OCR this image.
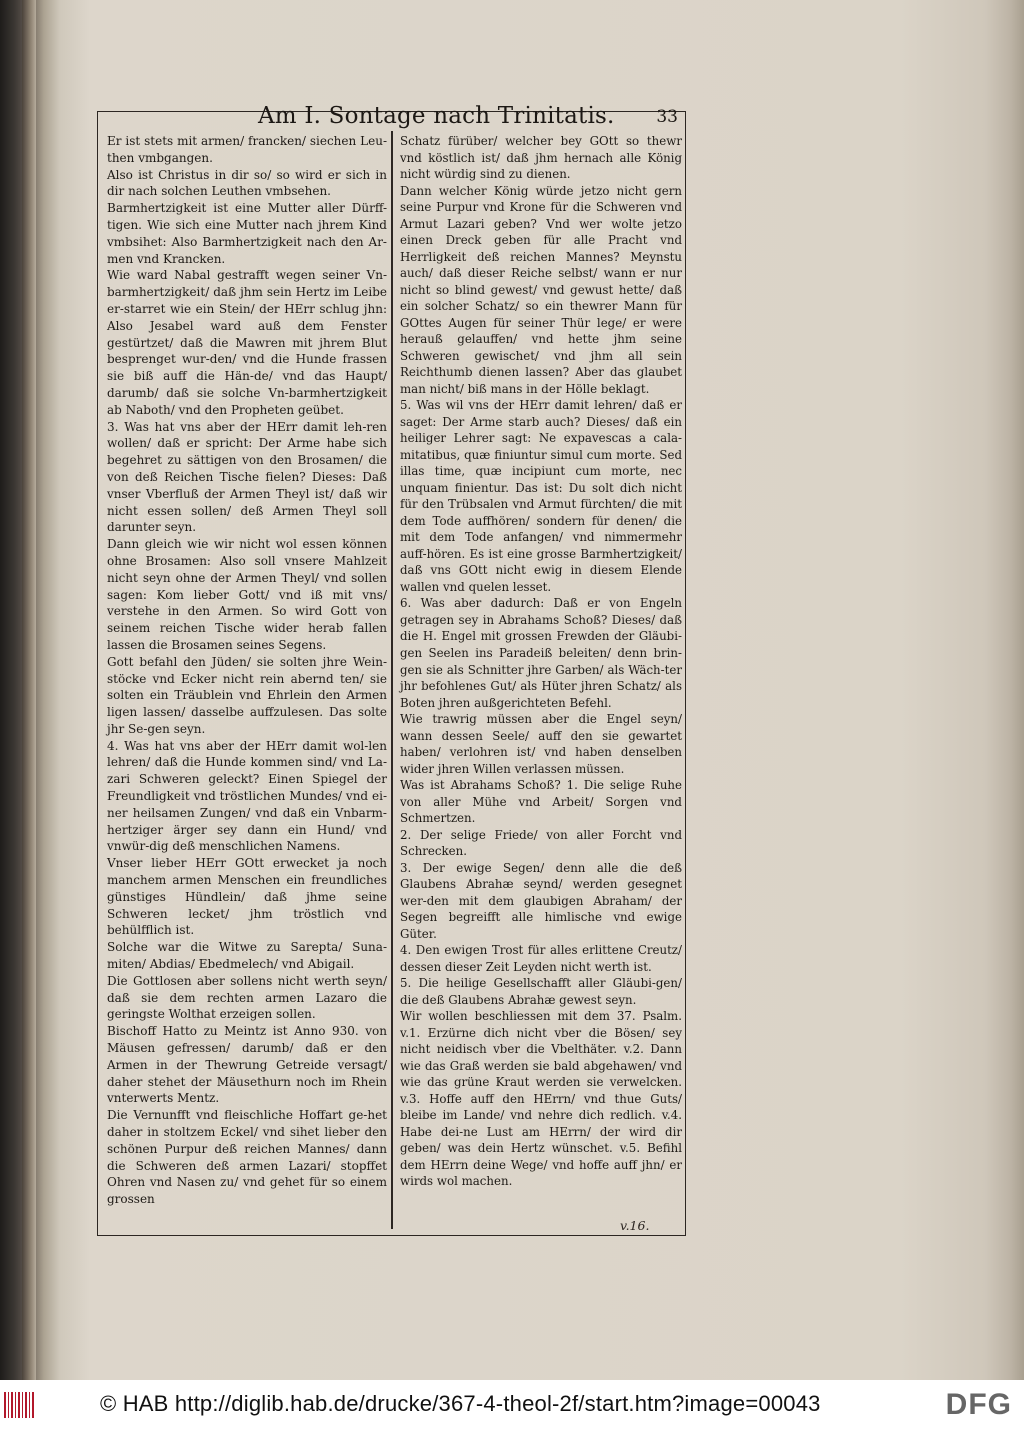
Am I. Sontage nach Trinitatis. 33

Er ist stets mit armen/ francken/ siechen Leu-then vmbgangen.

Also ist Christus in dir so/ so wird er sich in dir nach solchen Leuthen vmbsehen.

Barmhertzigkeit ist eine Mutter aller Dürff-tigen. Wie sich eine Mutter nach jhrem Kind vmbsihet: Also Barmhertzigkeit nach den Ar-men vnd Krancken.

Wie ward Nabal gestrafft wegen seiner Vn-barmhertzigkeit/ daß jhm sein Hertz im Leibe er-starret wie ein Stein/ der HErr schlug jhn: Also Jesabel ward auß dem Fenster gestürtzet/ daß die Mawren mit jhrem Blut besprenget wur-den/ vnd die Hunde frassen sie biß auff die Hän-de/ vnd das Haupt/ darumb/ daß sie solche Vn-barmhertzigkeit ab Naboth/ vnd den Propheten geübet.

3. Was hat vns aber der HErr damit leh-ren wollen/ daß er spricht: Der Arme habe sich begehret zu sättigen von den Brosamen/ die von deß Reichen Tische fielen? Dieses: Daß vnser Vberfluß der Armen Theyl ist/ daß wir nicht essen sollen/ deß Armen Theyl soll darunter seyn.

Dann gleich wie wir nicht wol essen können ohne Brosamen: Also soll vnsere Mahlzeit nicht seyn ohne der Armen Theyl/ vnd sollen sagen: Kom lieber Gott/ vnd iß mit vns/ verstehe in den Armen. So wird Gott von seinem reichen Tische wider herab fallen lassen die Brosamen seines Segens.

Gott befahl den Jüden/ sie solten jhre Wein-stöcke vnd Ecker nicht rein abernd ten/ sie solten ein Träublein vnd Ehrlein den Armen ligen lassen/ dasselbe auffzulesen. Das solte jhr Se-gen seyn.

4. Was hat vns aber der HErr damit wol-len lehren/ daß die Hunde kommen sind/ vnd La-zari Schweren geleckt? Einen Spiegel der Freundligkeit vnd tröstlichen Mundes/ vnd ei-ner heilsamen Zungen/ vnd daß ein Vnbarm-hertziger ärger sey dann ein Hund/ vnd vnwür-dig deß menschlichen Namens.

Vnser lieber HErr GOtt erwecket ja noch manchem armen Menschen ein freundliches günstiges Hündlein/ daß jhme seine Schweren lecket/ jhm tröstlich vnd behülfflich ist.

Solche war die Witwe zu Sarepta/ Suna-miten/ Abdias/ Ebedmelech/ vnd Abigail.

Die Gottlosen aber sollens nicht werth seyn/ daß sie dem rechten armen Lazaro die geringste Wolthat erzeigen sollen.

Bischoff Hatto zu Meintz ist Anno 930. von Mäusen gefressen/ darumb/ daß er den Armen in der Thewrung Getreide versagt/ daher stehet der Mäusethurn noch im Rhein vnterwerts Mentz.

Die Vernunfft vnd fleischliche Hoffart ge-het daher in stoltzem Eckel/ vnd sihet lieber den schönen Purpur deß reichen Mannes/ dann die Schweren deß armen Lazari/ stopffet Ohren vnd Nasen zu/ vnd gehet für so einem grossen

Schatz fürüber/ welcher bey GOtt so thewr vnd köstlich ist/ daß jhm hernach alle König nicht würdig sind zu dienen.

Dann welcher König würde jetzo nicht gern seine Purpur vnd Krone für die Schweren vnd Armut Lazari geben? Vnd wer wolte jetzo einen Dreck geben für alle Pracht vnd Herrligkeit deß reichen Mannes? Meynstu auch/ daß dieser Reiche selbst/ wann er nur nicht so blind gewest/ vnd gewust hette/ daß ein solcher Schatz/ so ein thewrer Mann für GOttes Augen für seiner Thür lege/ er were herauß gelauffen/ vnd hette jhm seine Schweren gewischet/ vnd jhm all sein Reichthumb dienen lassen? Aber das glaubet man nicht/ biß mans in der Hölle beklagt.

5. Was wil vns der HErr damit lehren/ daß er saget: Der Arme starb auch? Dieses/ daß ein heiliger Lehrer sagt: Ne expavescas a cala-mitatibus, quæ finiuntur simul cum morte. Sed illas time, quæ incipiunt cum morte, nec unquam finientur. Das ist: Du solt dich nicht für den Trübsalen vnd Armut fürchten/ die mit dem Tode auffhören/ sondern für denen/ die mit dem Tode anfangen/ vnd nimmermehr auff-hören. Es ist eine grosse Barmhertzigkeit/ daß vns GOtt nicht ewig in diesem Elende wallen vnd quelen lesset.

6. Was aber dadurch: Daß er von Engeln getragen sey in Abrahams Schoß? Dieses/ daß die H. Engel mit grossen Frewden der Gläubi-gen Seelen ins Paradeiß beleiten/ denn brin-gen sie als Schnitter jhre Garben/ als Wäch-ter jhr befohlenes Gut/ als Hüter jhren Schatz/ als Boten jhren außgerichteten Befehl.

Wie trawrig müssen aber die Engel seyn/ wann dessen Seele/ auff den sie gewartet haben/ verlohren ist/ vnd haben denselben wider jhren Willen verlassen müssen.

Was ist Abrahams Schoß? 1. Die selige Ruhe von aller Mühe vnd Arbeit/ Sorgen vnd Schmertzen.

2. Der selige Friede/ von aller Forcht vnd Schrecken.

3. Der ewige Segen/ denn alle die deß Glaubens Abrahæ seynd/ werden gesegnet wer-den mit dem glaubigen Abraham/ der Segen begreifft alle himlische vnd ewige Güter.

4. Den ewigen Trost für alles erlittene Creutz/ dessen dieser Zeit Leyden nicht werth ist.

5. Die heilige Gesellschafft aller Gläubi-gen/ die deß Glaubens Abrahæ gewest seyn.

Wir wollen beschliessen mit dem 37. Psalm. v.1. Erzürne dich nicht vber die Bösen/ sey nicht neidisch vber die Vbelthäter. v.2. Dann wie das Graß werden sie bald abgehawen/ vnd wie das grüne Kraut werden sie verwelcken. v.3. Hoffe auff den HErrn/ vnd thue Guts/ bleibe im Lande/ vnd nehre dich redlich. v.4. Habe dei-ne Lust am HErrn/ der wird dir geben/ was dein Hertz wünschet. v.5. Befihl dem HErrn deine Wege/ vnd hoffe auff jhn/ er wirds wol machen.

v.16.
© HAB http://diglib.hab.de/drucke/367-4-theol-2f/start.htm?image=00043	DFG
